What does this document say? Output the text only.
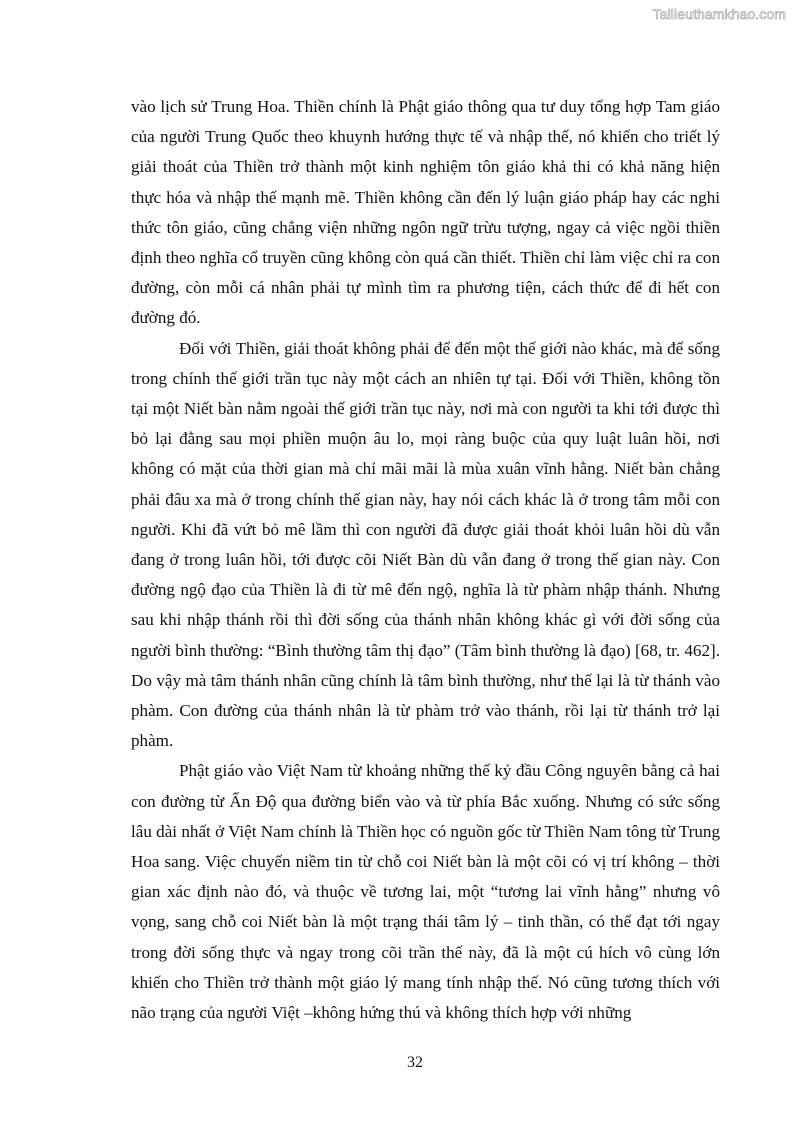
Tailieuthamkhao.com

vào lịch sử Trung Hoa. Thiền chính là Phật giáo thông qua tư duy tổng hợp Tam giáo của người Trung Quốc theo khuynh hướng thực tế và nhập thế, nó khiến cho triết lý giải thoát của Thiền trở thành một kinh nghiệm tôn giáo khả thi có khả năng hiện thực hóa và nhập thế mạnh mẽ. Thiền không cần đến lý luận giáo pháp hay các nghi thức tôn giáo, cũng chẳng viện những ngôn ngữ trừu tượng, ngay cả việc ngồi thiền định theo nghĩa cổ truyền cũng không còn quá cần thiết. Thiền chỉ làm việc chỉ ra con đường, còn mỗi cá nhân phải tự mình tìm ra phương tiện, cách thức để đi hết con đường đó.

Đối với Thiền, giải thoát không phải để đến một thế giới nào khác, mà để sống trong chính thế giới trần tục này một cách an nhiên tự tại. Đối với Thiền, không tồn tại một Niết bàn nằm ngoài thế giới trần tục này, nơi mà con người ta khi tới được thì bỏ lại đằng sau mọi phiền muộn âu lo, mọi ràng buộc của quy luật luân hồi, nơi không có mặt của thời gian mà chỉ mãi mãi là mùa xuân vĩnh hằng. Niết bàn chẳng phải đâu xa mà ở trong chính thế gian này, hay nói cách khác là ở trong tâm mỗi con người. Khi đã vứt bỏ mê lầm thì con người đã được giải thoát khỏi luân hồi dù vẫn đang ở trong luân hồi, tới được cõi Niết Bàn dù vẫn đang ở trong thế gian này. Con đường ngộ đạo của Thiền là đi từ mê đến ngộ, nghĩa là từ phàm nhập thánh. Nhưng sau khi nhập thánh rồi thì đời sống của thánh nhân không khác gì với đời sống của người bình thường: “Bình thường tâm thị đạo” (Tâm bình thường là đạo) [68, tr. 462]. Do vậy mà tâm thánh nhân cũng chính là tâm bình thường, như thế lại là từ thánh vào phàm. Con đường của thánh nhân là từ phàm trở vào thánh, rồi lại từ thánh trở lại phàm.

Phật giáo vào Việt Nam từ khoảng những thế kỷ đầu Công nguyên bằng cả hai con đường từ Ấn Độ qua đường biển vào và từ phía Bắc xuống. Nhưng có sức sống lâu dài nhất ở Việt Nam chính là Thiền học có nguồn gốc từ Thiền Nam tông từ Trung Hoa sang. Việc chuyển niềm tin từ chỗ coi Niết bàn là một cõi có vị trí không – thời gian xác định nào đó, và thuộc về tương lai, một “tương lai vĩnh hằng” nhưng vô vọng, sang chỗ coi Niết bàn là một trạng thái tâm lý – tinh thần, có thể đạt tới ngay trong đời sống thực và ngay trong cõi trần thế này, đã là một cú hích vô cùng lớn khiến cho Thiền trở thành một giáo lý mang tính nhập thế. Nó cũng tương thích với não trạng của người Việt –không hứng thú và không thích hợp với những

32
